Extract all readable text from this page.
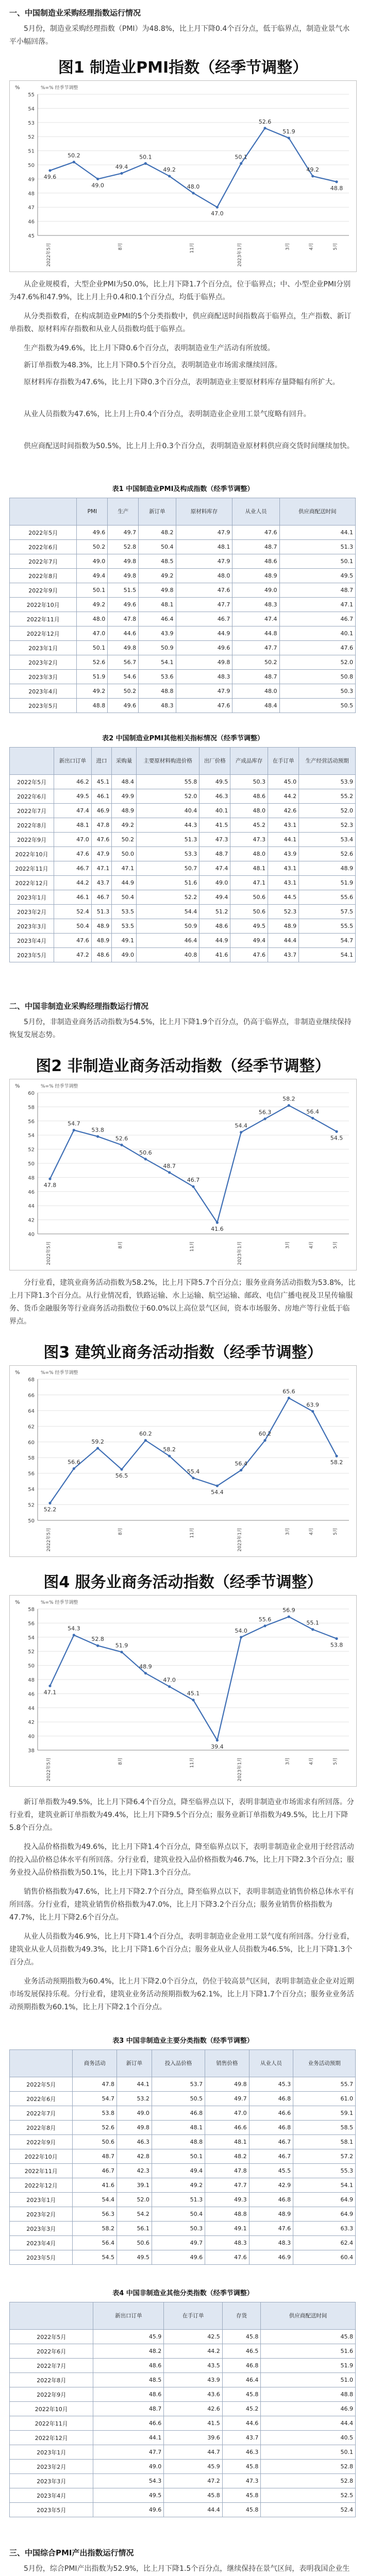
一、中国制造业采购经理指数运行情况

5月份，制造业采购经理指数（PMI）为48.8%，比上月下降0.4个百分点，低于临界点，制造业景气水平小幅回落。

图1 制造业PMI指数（经季节调整）
%=% 经季节调整
%
45
46
47
48
49
50
51
52
53
54
55
2022年5月	8月	11月	2023年1月	3月	4月	5月
49.6
50.2
49.0
49.4
50.1
49.2
48.0
47.0
50.1
52.6
51.9
49.2
48.8

从企业规模看，大型企业PMI为50.0%，比上月下降1.7个百分点，位于临界点；中、小型企业PMI分别为47.6%和47.9%，比上月上升0.4和0.1个百分点，均低于临界点。

从分类指数看，在构成制造业PMI的5个分类指数中，供应商配送时间指数高于临界点，生产指数、新订单指数、原材料库存指数和从业人员指数均低于临界点。

生产指数为49.6%，比上月下降0.6个百分点，表明制造业生产活动有所放缓。

新订单指数为48.3%，比上月下降0.5个百分点，表明制造业市场需求继续回落。

原材料库存指数为47.6%，比上月下降0.3个百分点，表明制造业主要原材料库存量降幅有所扩大。

从业人员指数为47.6%，比上月上升0.4个百分点，表明制造业企业用工景气度略有回升。

供应商配送时间指数为50.5%，比上月上升0.3个百分点，表明制造业原材料供应商交货时间继续加快。

表1 中国制造业PMI及构成指数（经季节调整）
	PMI	生产	新订单	原材料库存	从业人员	供应商配送时间
2022年5月	49.6	49.7	48.2	47.9	47.6	44.1
2022年6月	50.2	52.8	50.4	48.1	48.7	51.3
2022年7月	49.0	49.8	48.5	47.9	48.6	50.1
2022年8月	49.4	49.8	49.2	48.0	48.9	49.5
2022年9月	50.1	51.5	49.8	47.6	49.0	48.7
2022年10月	49.2	49.6	48.1	47.7	48.3	47.1
2022年11月	48.0	47.8	46.4	46.7	47.4	46.7
2022年12月	47.0	44.6	43.9	44.9	44.8	40.1
2023年1月	50.1	49.8	50.9	49.6	47.7	47.6
2023年2月	52.6	56.7	54.1	49.8	50.2	52.0
2023年3月	51.9	54.6	53.6	48.3	48.7	50.8
2023年4月	49.2	50.2	48.8	47.9	48.0	50.3
2023年5月	48.8	49.6	48.3	47.6	48.4	50.5
表2 中国制造业PMI其他相关指标情况（经季节调整）
	新出口订单	进口	采购量	主要原材料购进价格	出厂价格	产成品库存	在手订单	生产经营活动预期
2022年5月	46.2	45.1	48.4	55.8	49.5	50.3	45.0	53.9
2022年6月	49.5	46.1	49.9	52.0	46.3	48.6	44.2	55.2
2022年7月	47.4	46.9	48.9	40.4	40.1	48.0	42.6	52.0
2022年8月	48.1	47.8	49.2	44.3	41.5	45.2	43.1	52.3
2022年9月	47.0	47.6	50.2	51.3	47.3	47.3	44.1	53.4
2022年10月	47.6	47.9	50.0	53.3	48.7	48.0	43.9	52.6
2022年11月	46.7	47.1	47.1	50.7	47.4	48.1	43.1	48.9
2022年12月	44.2	43.7	44.9	51.6	49.0	47.1	43.1	51.9
2023年1月	46.1	46.7	50.4	52.2	49.4	50.6	44.5	55.6
2023年2月	52.4	51.3	53.5	54.4	51.2	50.6	52.3	57.5
2023年3月	50.4	48.9	53.5	50.9	48.6	49.5	48.9	55.5
2023年4月	47.6	48.9	49.1	46.4	44.9	49.4	44.4	54.7
2023年5月	47.2	48.6	49.0	40.8	41.6	47.6	43.7	54.1
二、中国非制造业采购经理指数运行情况

5月份，非制造业商务活动指数为54.5%，比上月下降1.9个百分点，仍高于临界点，非制造业继续保持恢复发展态势。

图2 非制造业商务活动指数（经季节调整）
%=% 经季节调整
%
40
42
44
46
48
50
52
54
56
58
60
2022年5月	8月	11月	2023年1月	3月	4月	5月
47.8
54.7
53.8
52.6
50.6
48.7
46.7
41.6
54.4
56.3
58.2
56.4
54.5

分行业看，建筑业商务活动指数为58.2%，比上月下降5.7个百分点；服务业商务活动指数为53.8%，比上月下降1.3个百分点。从行业情况看，铁路运输、水上运输、航空运输、邮政、电信广播电视及卫星传输服务、货币金融服务等行业商务活动指数位于60.0%以上高位景气区间，资本市场服务、房地产等行业低于临界点。

图3 建筑业商务活动指数（经季节调整）
%=% 经季节调整
%
50
52
54
56
58
60
62
64
66
68
2022年5月	8月	11月	2023年1月	3月	4月	5月
52.2
56.6
59.2
56.5
60.2
58.2
55.4
54.4
56.4
60.2
65.6
63.9
58.2
图4 服务业商务活动指数（经季节调整）
%=% 经季节调整
%
38
40
42
44
46
48
50
52
54
56
58
2022年5月	8月	11月	2023年1月	3月	4月	5月
47.1
54.3
52.8
51.9
48.9
47.0
45.1
39.4
54.0
55.6
56.9
55.1
53.8

新订单指数为49.5%，比上月下降6.4个百分点，降至临界点以下，表明非制造业市场需求有所回落。分行业看，建筑业新订单指数为49.4%，比上月下降9.5个百分点；服务业新订单指数为49.5%，比上月下降5.8个百分点。

投入品价格指数为49.6%，比上月下降1.4个百分点，降至临界点以下，表明非制造业企业用于经营活动的投入品价格总体水平有所回落。分行业看，建筑业投入品价格指数为46.7%，比上月下降2.3个百分点；服务业投入品价格指数为50.1%，比上月下降1.3个百分点。

销售价格指数为47.6%，比上月下降2.7个百分点，降至临界点以下，表明非制造业销售价格总体水平有所回落。分行业看，建筑业销售价格指数为47.0%，比上月下降3.2个百分点；服务业销售价格指数为47.7%，比上月下降2.6个百分点。

从业人员指数为46.9%，比上月下降1.4个百分点，表明非制造业企业用工景气度有所回落。分行业看，建筑业从业人员指数为49.3%，比上月下降1.6个百分点；服务业从业人员指数为46.5%，比上月下降1.3个百分点。

业务活动预期指数为60.4%，比上月下降2.0个百分点，仍位于较高景气区间，表明非制造业企业对近期市场发展保持乐观。分行业看，建筑业业务活动预期指数为62.1%，比上月下降1.7个百分点；服务业业务活动预期指数为60.1%，比上月下降2.1个百分点。

表3 中国非制造业主要分类指数（经季节调整）
	商务活动	新订单	投入品价格	销售价格	从业人员	业务活动预期
2022年5月	47.8	44.1	53.7	49.8	45.3	55.7
2022年6月	54.7	53.2	50.5	49.7	46.8	61.0
2022年7月	53.8	49.0	46.8	47.0	46.6	59.1
2022年8月	52.6	49.8	48.1	46.6	46.8	58.5
2022年9月	50.6	46.3	48.8	48.1	46.7	58.1
2022年10月	48.7	42.8	50.1	48.2	46.7	57.2
2022年11月	46.7	42.3	49.4	47.8	45.5	55.3
2022年12月	41.6	39.1	49.2	47.7	42.9	54.1
2023年1月	54.4	52.0	51.3	49.3	46.8	64.9
2023年2月	56.3	54.2	50.4	48.8	48.9	64.9
2023年3月	58.2	56.1	50.3	49.1	47.6	63.3
2023年4月	56.4	50.6	49.7	48.3	48.3	62.4
2023年5月	54.5	49.5	49.6	47.6	46.9	60.4
表4 中国非制造业其他分类指数（经季节调整）
	新出口订单	在手订单	存货	供应商配送时间
2022年5月	45.9	42.5	45.8	45.8
2022年6月	48.2	44.2	46.5	51.6
2022年7月	48.6	43.5	46.8	51.9
2022年8月	48.5	43.9	46.4	51.0
2022年9月	48.6	43.6	45.8	48.8
2022年10月	48.7	42.6	45.2	46.9
2022年11月	46.6	41.5	44.6	44.4
2022年12月	44.1	39.6	43.7	40.5
2023年1月	47.7	44.7	46.3	50.1
2023年2月	49.0	45.9	45.8	52.8
2023年3月	54.3	47.2	47.3	52.8
2023年4月	49.5	45.8	45.8	52.5
2023年5月	49.6	44.4	45.8	52.4
三、中国综合PMI产出指数运行情况

5月份，综合PMI产出指数为52.9%，比上月下降1.5个百分点，继续保持在景气区间，表明我国企业生
